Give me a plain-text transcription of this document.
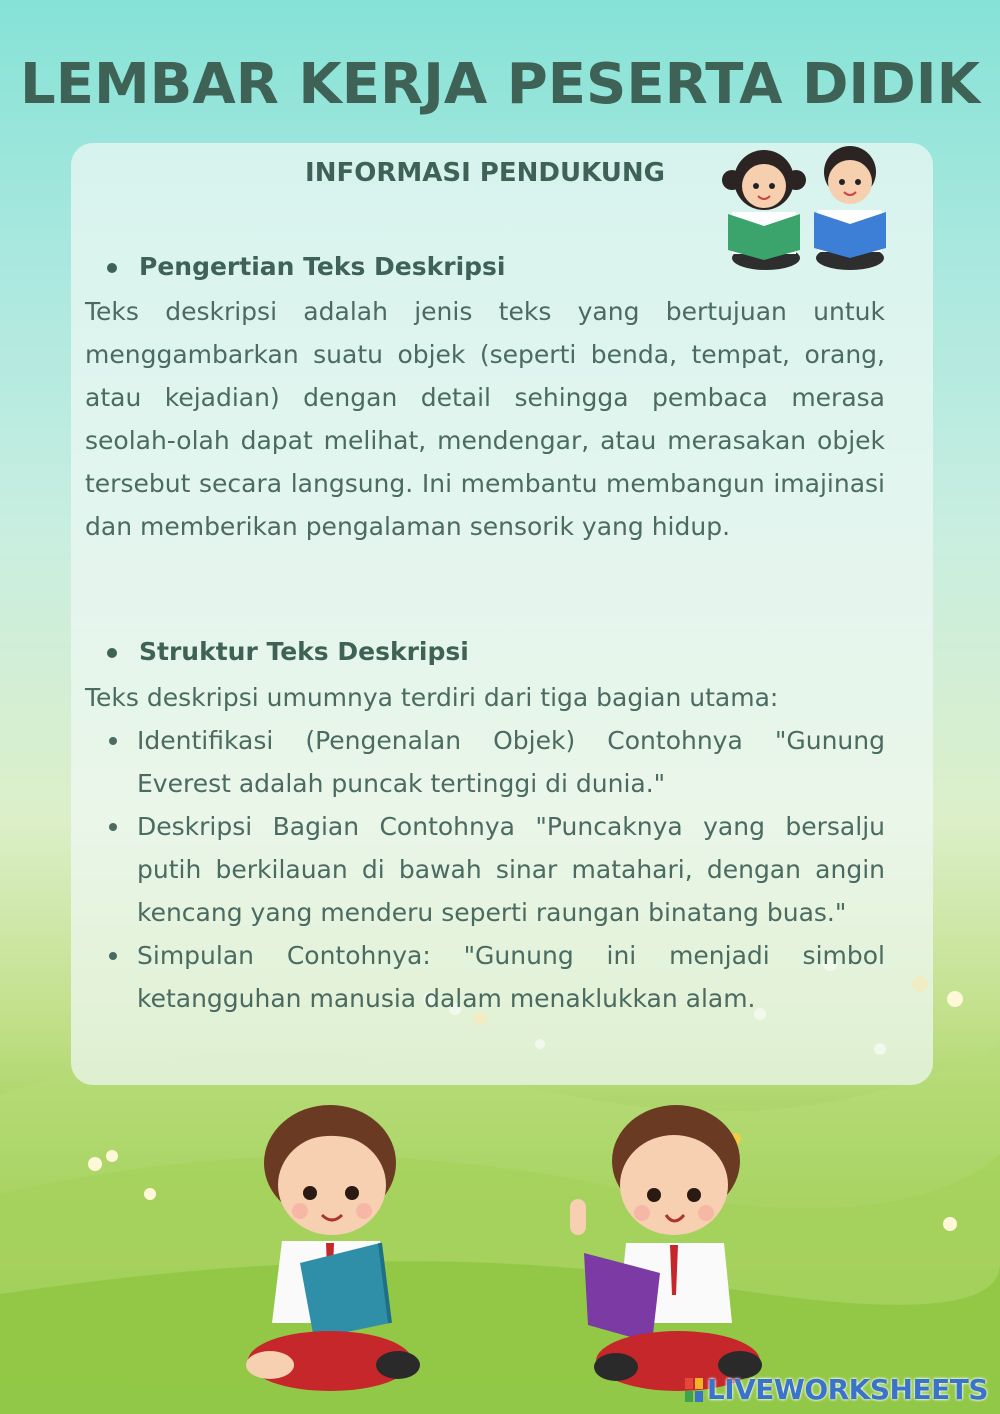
LEMBAR KERJA PESERTA DIDIK
INFORMASI PENDUKUNG
Pengertian Teks Deskripsi

Teks deskripsi adalah jenis teks yang bertujuan untuk menggambarkan suatu objek (seperti benda, tempat, orang, atau kejadian) dengan detail sehingga pembaca merasa seolah-olah dapat melihat, mendengar, atau merasakan objek tersebut secara langsung. Ini membantu membangun imajinasi dan memberikan pengalaman sensorik yang hidup.

Struktur Teks Deskripsi

Teks deskripsi umumnya terdiri dari tiga bagian utama:

Identifikasi (Pengenalan Objek) Contohnya "Gunung Everest adalah puncak tertinggi di dunia."
Deskripsi Bagian Contohnya "Puncaknya yang bersalju putih berkilauan di bawah sinar matahari, dengan angin kencang yang menderu seperti raungan binatang buas."
Simpulan Contohnya: "Gunung ini menjadi simbol ketangguhan manusia dalam menaklukkan alam.
LIVEWORKSHEETS
